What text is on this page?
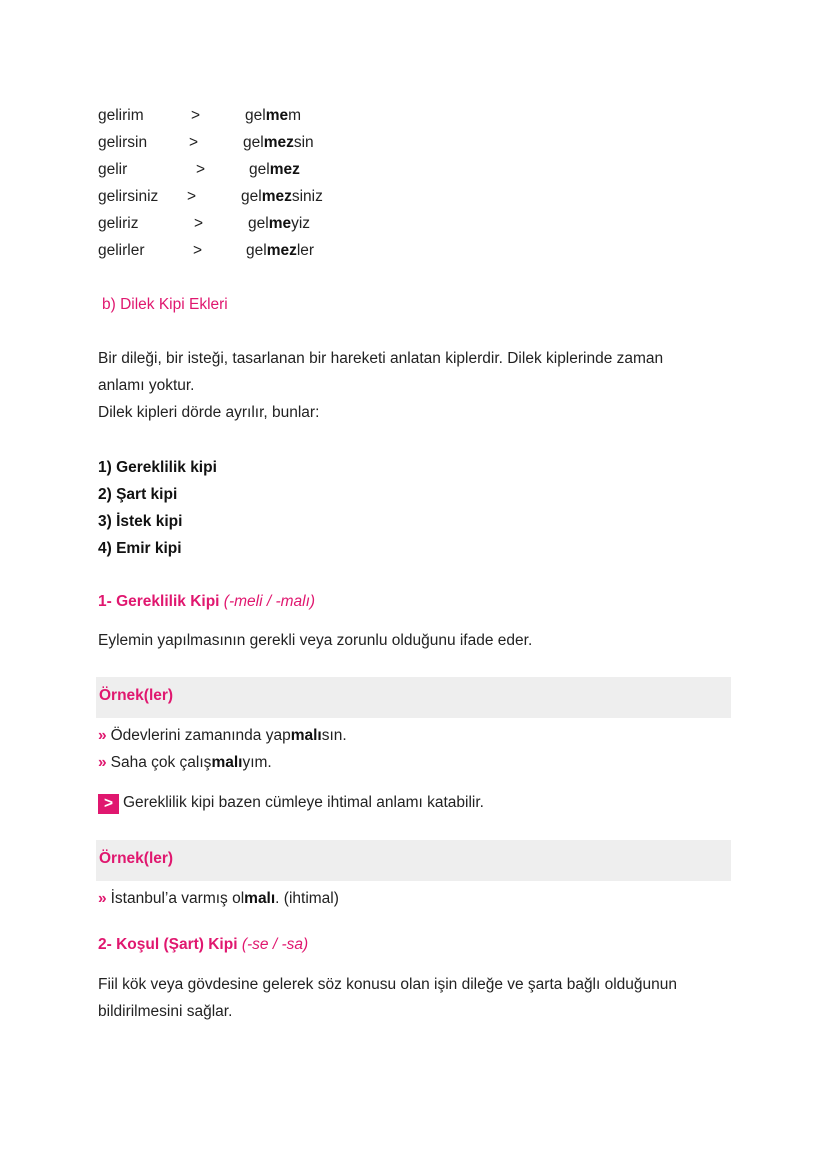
gelirim	>	gelmem
gelirsin	>	gelmezsin
gelir	>	gelmez
gelirsiniz >	gelmezsiniz
geliriz	>	gelmeyiz
gelirler	>	gelmezler
b) Dilek Kipi Ekleri
Bir dileği, bir isteği, tasarlanan bir hareketi anlatan kiplerdir. Dilek kiplerinde zaman
anlamı yoktur.
Dilek kipleri dörde ayrılır, bunlar:
1) Gereklilik kipi
2) Şart kipi
3) İstek kipi
4) Emir kipi
1- Gereklilik Kipi (-meli / -malı)
Eylemin yapılmasının gerekli veya zorunlu olduğunu ifade eder.
Örnek(ler)
» Ödevlerini zamanında yapmalısın.
» Saha çok çalışmalıyım.
> Gereklilik kipi bazen cümleye ihtimal anlamı katabilir.
Örnek(ler)
» İstanbul’a varmış olmalı. (ihtimal)
2- Koşul (Şart) Kipi (-se / -sa)
Fiil kök veya gövdesine gelerek söz konusu olan işin dileğe ve şarta bağlı olduğunun
bildirilmesini sağlar.
